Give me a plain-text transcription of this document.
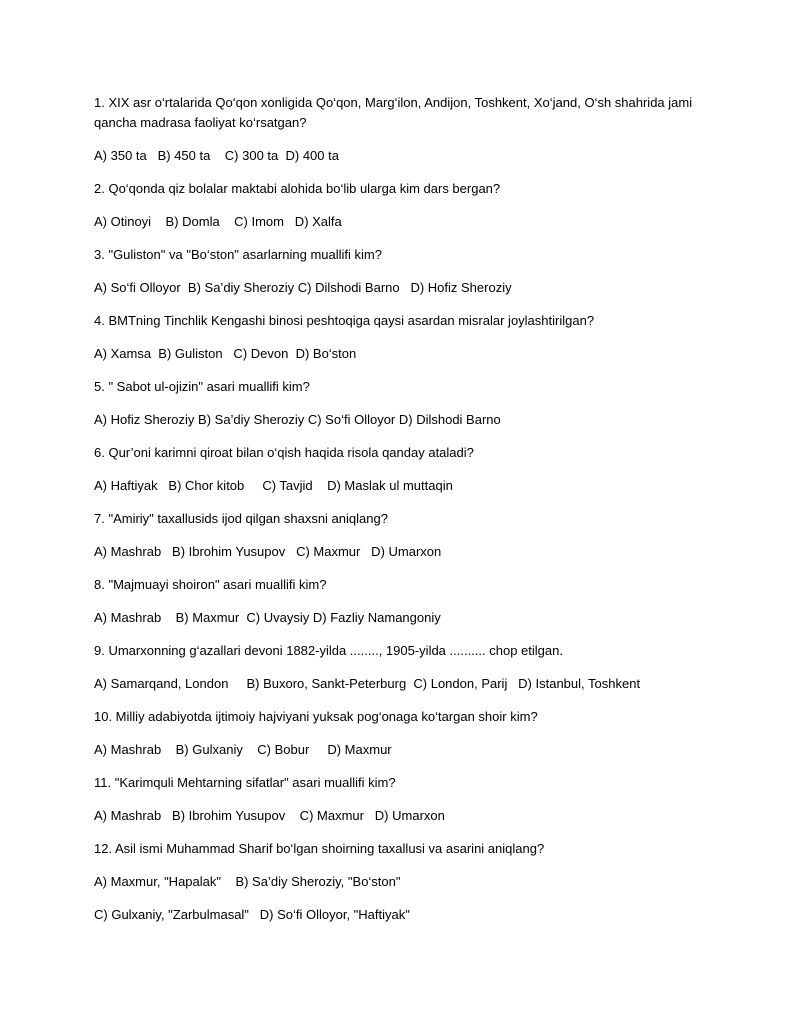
1. XIX asr o‘rtalarida Qo‘qon xonligida Qo‘qon, Marg‘ilon, Andijon, Toshkent, Xo‘jand, O‘sh shahrida jami qancha madrasa faoliyat ko‘rsatgan?

A) 350 ta   B) 450 ta    C) 300 ta  D) 400 ta

2. Qo‘qonda qiz bolalar maktabi alohida bo‘lib ularga kim dars bergan?

A) Otinoyi    B) Domla    C) Imom   D) Xalfa

3. "Guliston" va "Bo‘ston" asarlarning muallifi kim?

A) So‘fi Olloyor  B) Sa’diy Sheroziy C) Dilshodi Barno   D) Hofiz Sheroziy

4. BMTning Tinchlik Kengashi binosi peshtoqiga qaysi asardan misralar joylashtirilgan?

A) Xamsa  B) Guliston   C) Devon  D) Bo‘ston

5. " Sabot ul-ojizin" asari muallifi kim?

A) Hofiz Sheroziy B) Sa’diy Sheroziy C) So‘fi Olloyor D) Dilshodi Barno

6. Qur’oni karimni qiroat bilan o‘qish haqida risola qanday ataladi?

A) Haftiyak   B) Chor kitob     C) Tavjid    D) Maslak ul muttaqin

7. "Amiriy" taxallusids ijod qilgan shaxsni aniqlang?

A) Mashrab   B) Ibrohim Yusupov   C) Maxmur   D) Umarxon

8. "Majmuayi shoiron" asari muallifi kim?

A) Mashrab    B) Maxmur  C) Uvaysiy D) Fazliy Namangoniy

9. Umarxonning g‘azallari devoni 1882-yilda ........, 1905-yilda .......... chop etilgan.

A) Samarqand, London     B) Buxoro, Sankt-Peterburg  C) London, Parij   D) Istanbul, Toshkent

10. Milliy adabiyotda ijtimoiy hajviyani yuksak pog‘onaga ko‘targan shoir kim?

A) Mashrab    B) Gulxaniy    C) Bobur     D) Maxmur

11. "Karimquli Mehtarning sifatlar" asari muallifi kim?

A) Mashrab   B) Ibrohim Yusupov    C) Maxmur   D) Umarxon

12. Asil ismi Muhammad Sharif bo‘lgan shoirning taxallusi va asarini aniqlang?

A) Maxmur, "Hapalak"    B) Sa’diy Sheroziy, "Bo‘ston"

C) Gulxaniy, "Zarbulmasal"   D) So‘fi Olloyor, "Haftiyak"
